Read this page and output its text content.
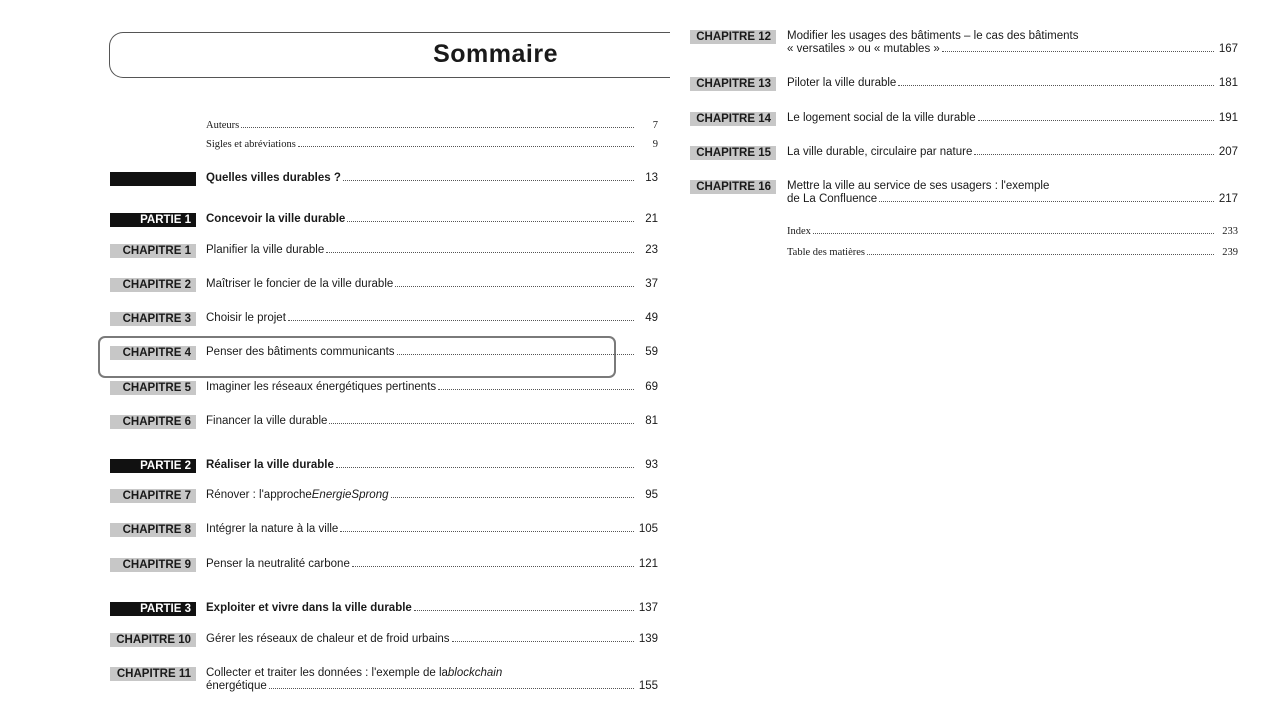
Sommaire
Auteurs	7
Sigles et abréviations	9
Quelles villes durables ?	13
PARTIE 1	Concevoir la ville durable	21
CHAPITRE 1	Planifier la ville durable	23
CHAPITRE 2	Maîtriser le foncier de la ville durable	37
CHAPITRE 3	Choisir le projet	49
CHAPITRE 4	Penser des bâtiments communicants	59
CHAPITRE 5	Imaginer les réseaux énergétiques pertinents	69
CHAPITRE 6	Financer la ville durable	81
PARTIE 2	Réaliser la ville durable	93
CHAPITRE 7	Rénover : l'approche EnergieSprong	95
CHAPITRE 8	Intégrer la nature à la ville	105
CHAPITRE 9	Penser la neutralité carbone	121
PARTIE 3	Exploiter et vivre dans la ville durable	137
CHAPITRE 10	Gérer les réseaux de chaleur et de froid urbains	139
CHAPITRE 11	Collecter et traiter les données : l'exemple de la blockchain
énergétique	155
CHAPITRE 12	Modifier les usages des bâtiments – le cas des bâtiments
« versatiles » ou « mutables »	167
CHAPITRE 13	Piloter la ville durable	181
CHAPITRE 14	Le logement social de la ville durable	191
CHAPITRE 15	La ville durable, circulaire par nature	207
CHAPITRE 16	Mettre la ville au service de ses usagers : l'exemple
de La Confluence	217
Index	233
Table des matières	239
